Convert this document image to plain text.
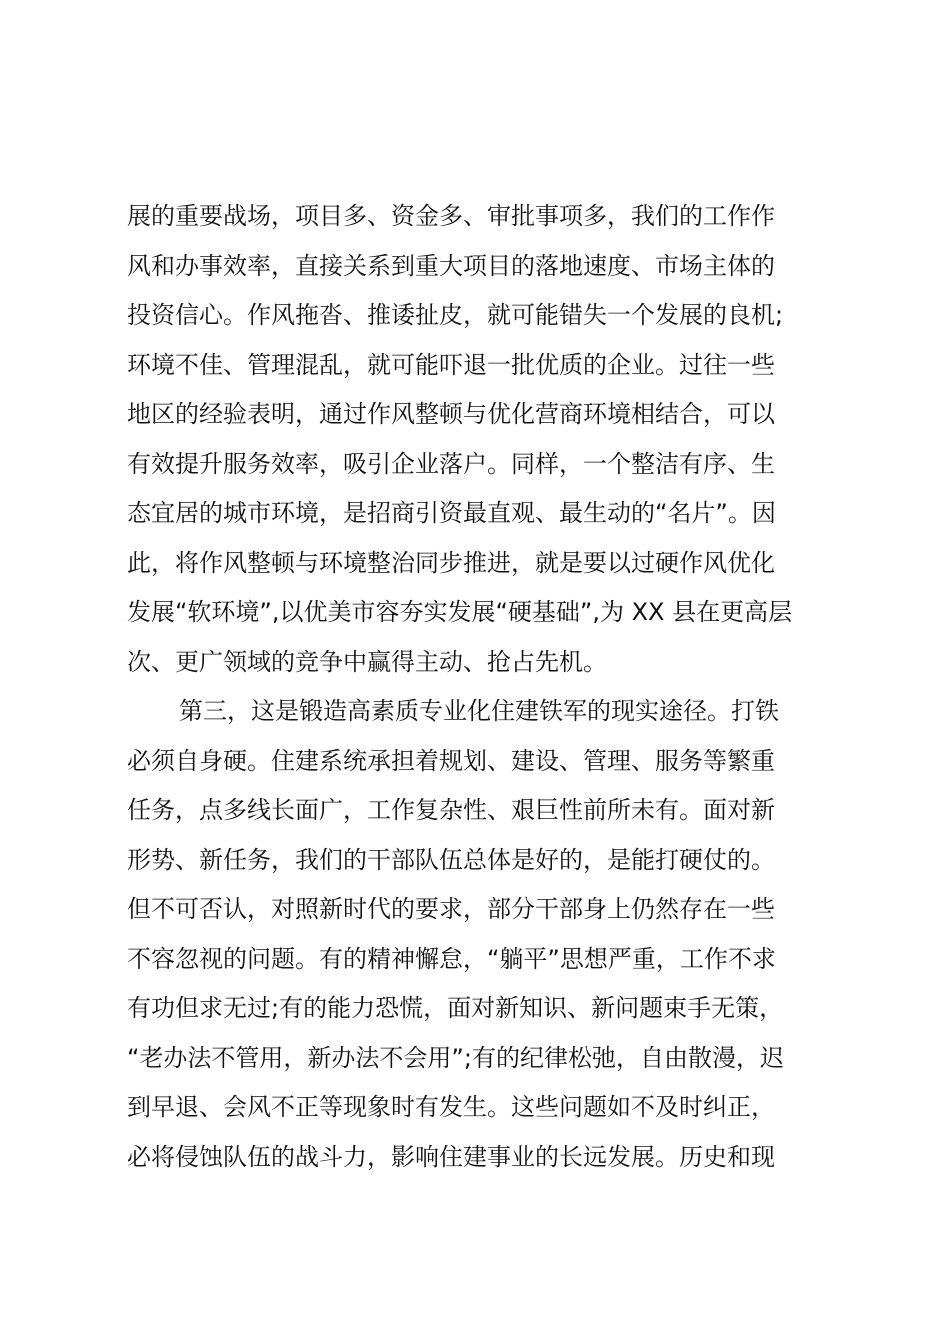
展的重要战场，项目多、资金多、审批事项多，我们的工作作
风和办事效率，直接关系到重大项目的落地速度、市场主体的
投资信心。作风拖沓、推诿扯皮，就可能错失一个发展的良机;
环境不佳、管理混乱，就可能吓退一批优质的企业。过往一些
地区的经验表明，通过作风整顿与优化营商环境相结合，可以
有效提升服务效率，吸引企业落户。同样，一个整洁有序、生
态宜居的城市环境，是招商引资最直观、最生动的“名片”。因
此，将作风整顿与环境整治同步推进，就是要以过硬作风优化
发展“软环境”,以优美市容夯实发展“硬基础”,为 XX 县在更高层
次、更广领域的竞争中赢得主动、抢占先机。
第三，这是锻造高素质专业化住建铁军的现实途径。打铁
必须自身硬。住建系统承担着规划、建设、管理、服务等繁重
任务，点多线长面广，工作复杂性、艰巨性前所未有。面对新
形势、新任务，我们的干部队伍总体是好的，是能打硬仗的。
但不可否认，对照新时代的要求，部分干部身上仍然存在一些
不容忽视的问题。有的精神懈怠，“躺平”思想严重，工作不求
有功但求无过;有的能力恐慌，面对新知识、新问题束手无策，
“老办法不管用，新办法不会用”;有的纪律松弛，自由散漫，迟
到早退、会风不正等现象时有发生。这些问题如不及时纠正，
必将侵蚀队伍的战斗力，影响住建事业的长远发展。历史和现
